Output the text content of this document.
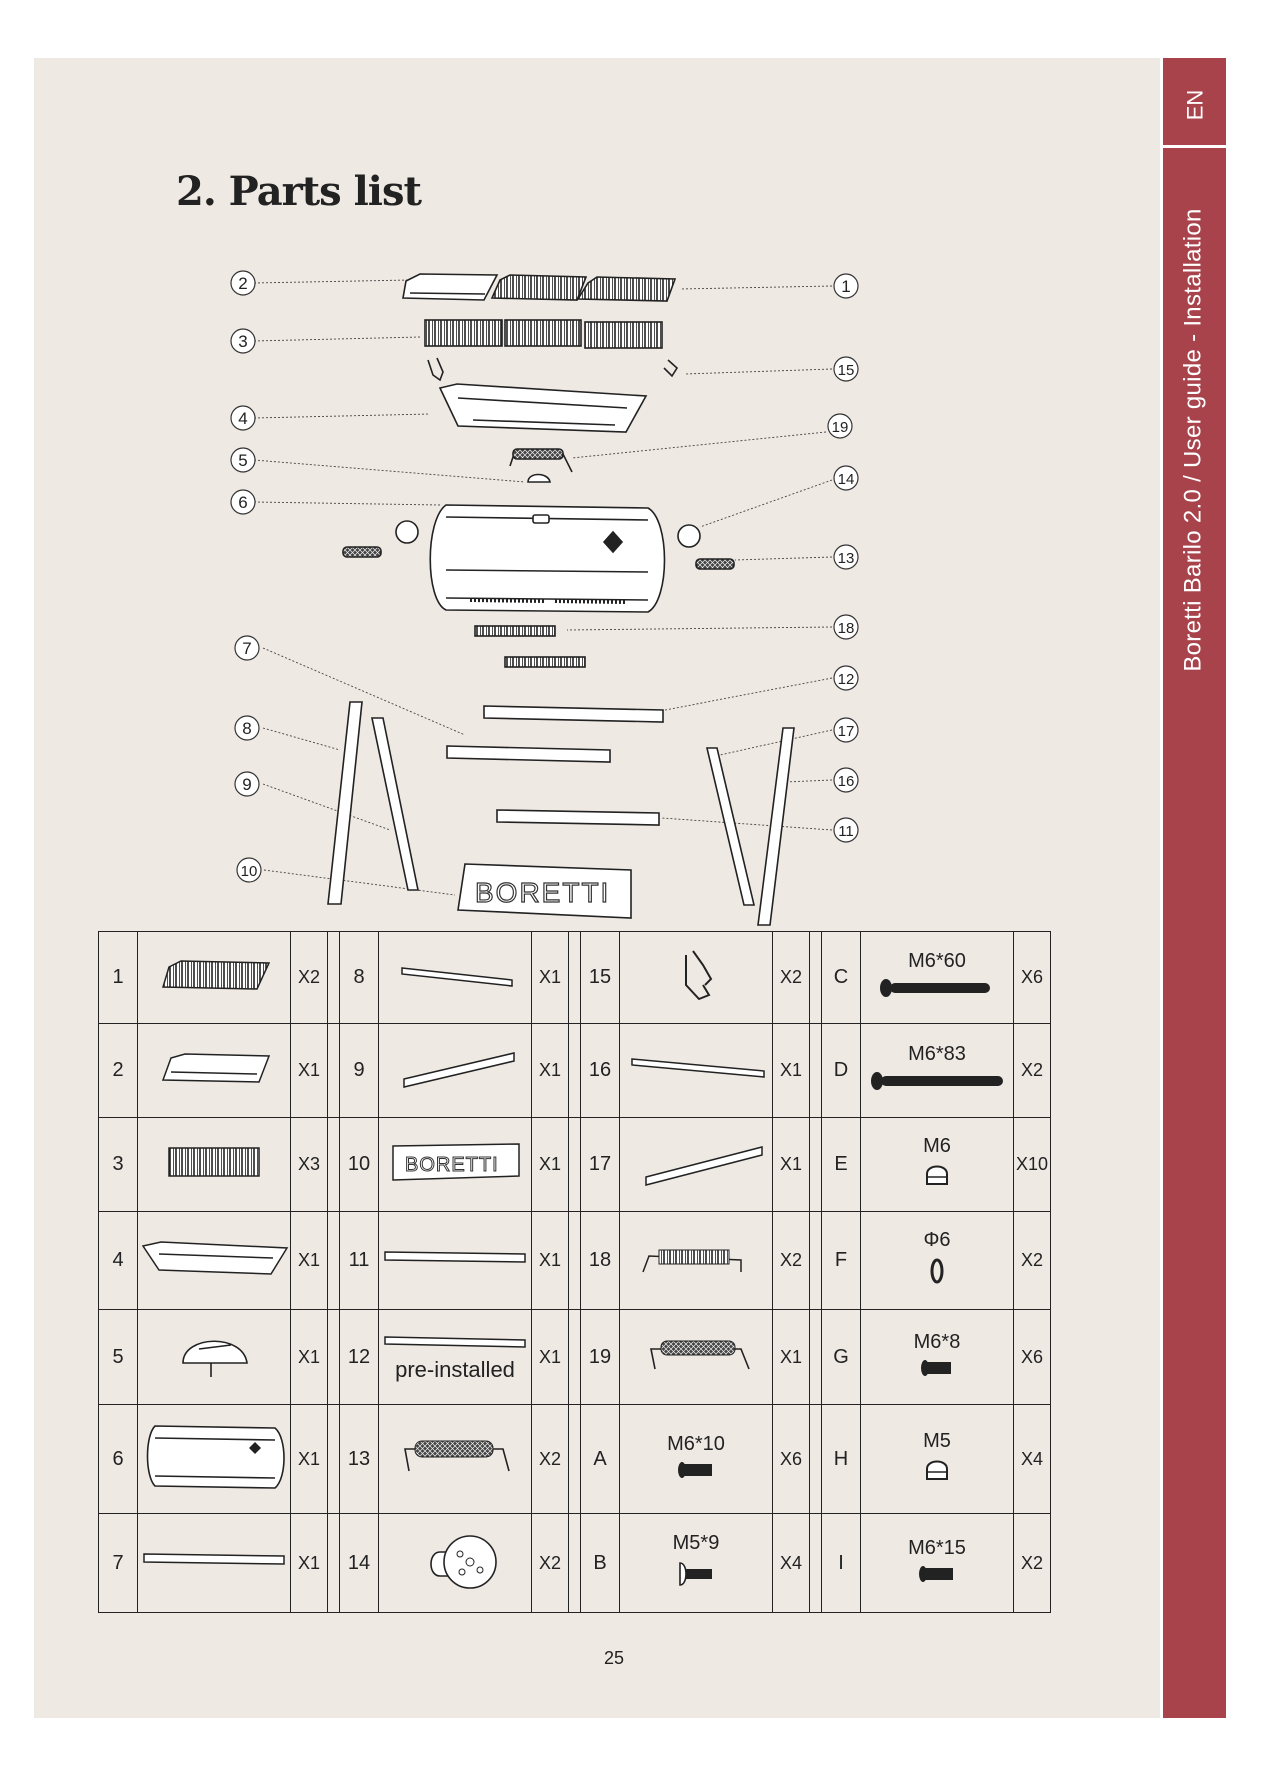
EN
Boretti Barilo 2.0 / User guide - Installation
2. Parts list
BORETTI
2
3
4
5
6
7
8
9
10
1
15
19
14
13
18
12
17
16
11
1		X2		8		X1		15		X2		C	M6*60	X6
2		X1		9		X1		16		X1		D	M6*83	X2
3		X3		10	BORETTI	X1		17		X1		E	M6	X10
4		X1		11		X1		18		X2		F	Φ6	X2
5		X1		12	pre-installed	X1		19		X1		G	M6*8	X6
6		X1		13		X2		A	M6*10	X6		H	M5	X4
7		X1		14		X2		B	M5*9	X4		I	M6*15	X2
25
